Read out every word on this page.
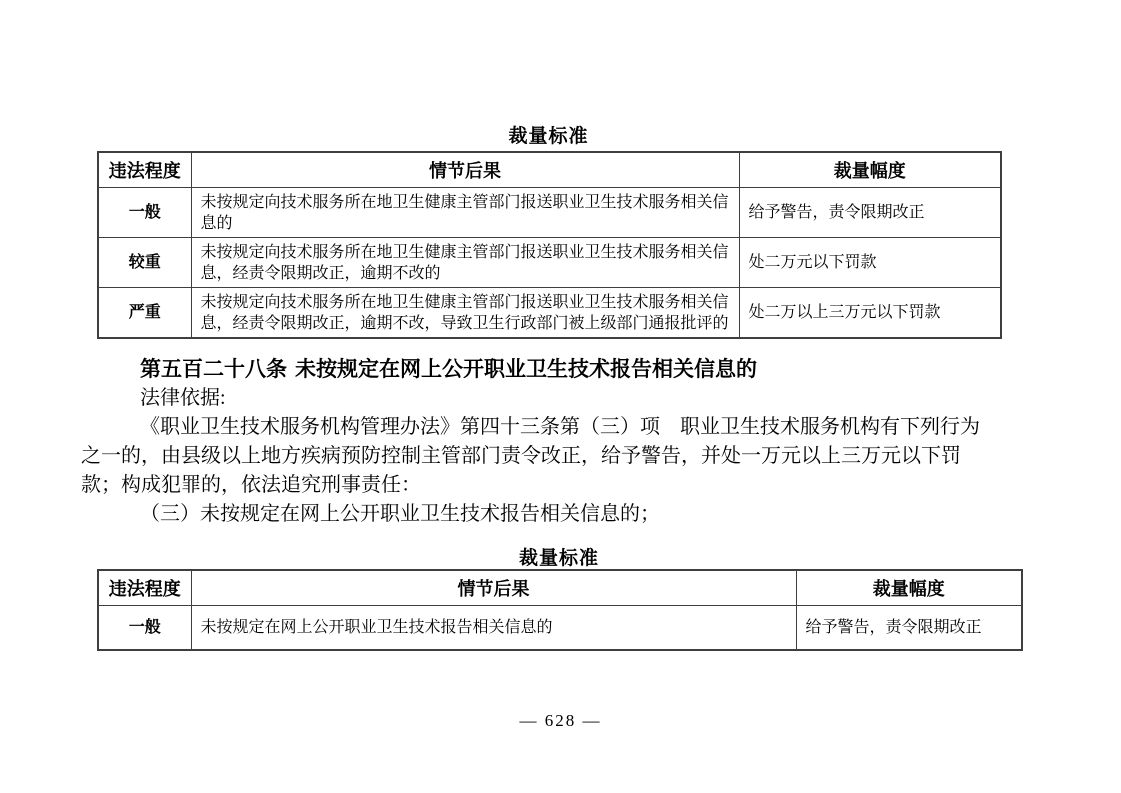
裁量标准
违法程度	情节后果	裁量幅度
一般	未按规定向技术服务所在地卫生健康主管部门报送职业卫生技术服务相关信息的	给予警告，责令限期改正
较重	未按规定向技术服务所在地卫生健康主管部门报送职业卫生技术服务相关信息，经责令限期改正，逾期不改的	处二万元以下罚款
严重	未按规定向技术服务所在地卫生健康主管部门报送职业卫生技术服务相关信息，经责令限期改正，逾期不改，导致卫生行政部门被上级部门通报批评的	处二万以上三万元以下罚款
第五百二十八条 未按规定在网上公开职业卫生技术报告相关信息的
法律依据:
《职业卫生技术服务机构管理办法》第四十三条第（三）项　职业卫生技术服务机构有下列行为
之一的，由县级以上地方疾病预防控制主管部门责令改正，给予警告，并处一万元以上三万元以下罚
款；构成犯罪的，依法追究刑事责任：
（三）未按规定在网上公开职业卫生技术报告相关信息的；
裁量标准
违法程度	情节后果	裁量幅度
一般	未按规定在网上公开职业卫生技术报告相关信息的	给予警告，责令限期改正
— 628 —
